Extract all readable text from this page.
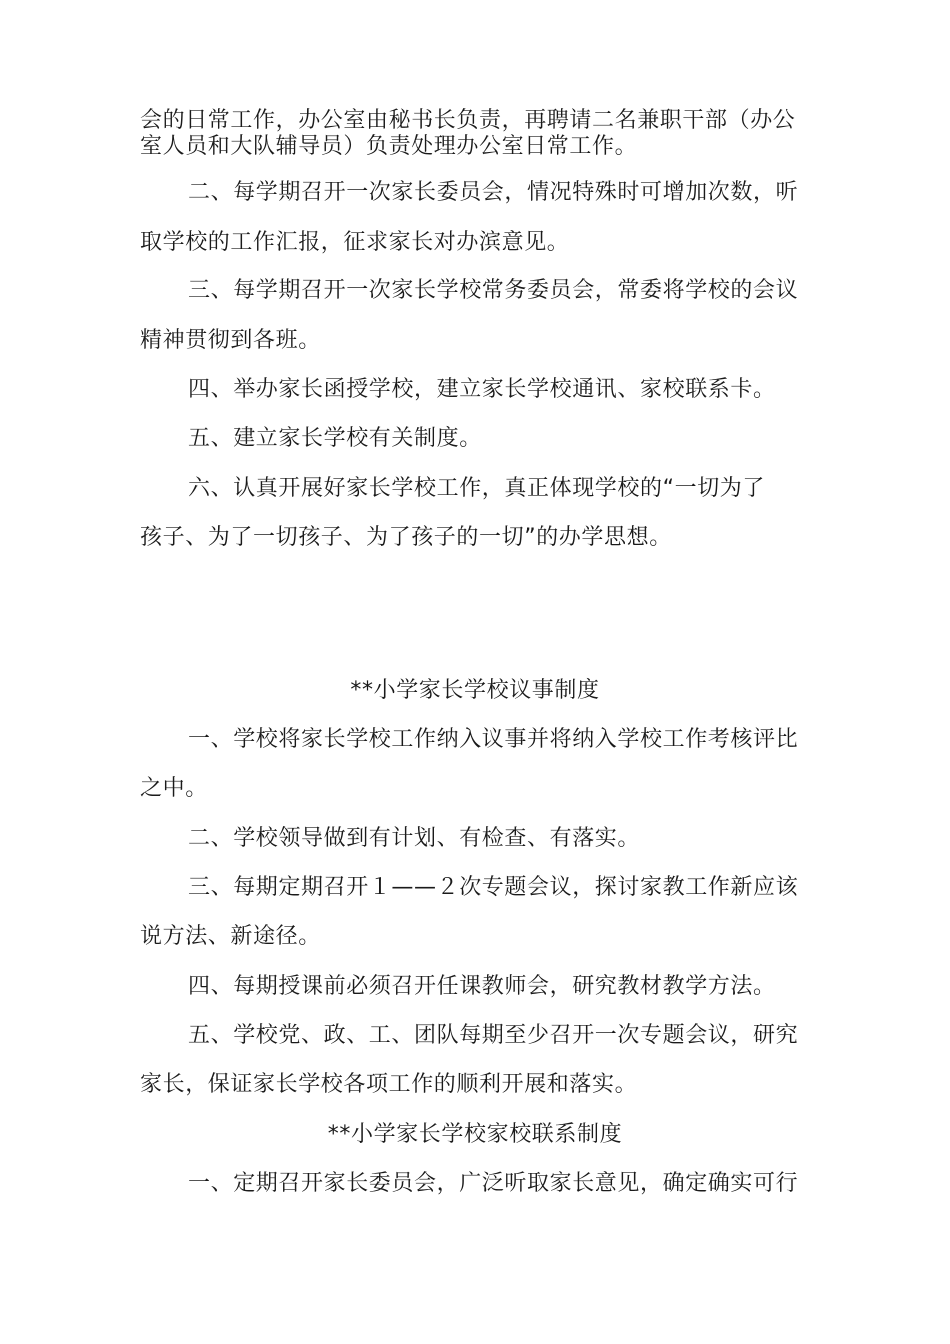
会的日常工作，办公室由秘书长负责，再聘请二名兼职干部（办公
室人员和大队辅导员）负责处理办公室日常工作。
二、每学期召开一次家长委员会，情况特殊时可增加次数，听
取学校的工作汇报，征求家长对办滨意见。
三、每学期召开一次家长学校常务委员会，常委将学校的会议
精神贯彻到各班。
四、举办家长函授学校，建立家长学校通讯、家校联系卡。
五、建立家长学校有关制度。
六、认真开展好家长学校工作，真正体现学校的“一切为了
孩子、为了一切孩子、为了孩子的一切”的办学思想。
**小学家长学校议事制度
一、学校将家长学校工作纳入议事并将纳入学校工作考核评比
之中。
二、学校领导做到有计划、有检查、有落实。
三、每期定期召开１——２次专题会议，探讨家教工作新应该
说方法、新途径。
四、每期授课前必须召开任课教师会，研究教材教学方法。
五、学校党、政、工、团队每期至少召开一次专题会议，研究
家长，保证家长学校各项工作的顺利开展和落实。
**小学家长学校家校联系制度
一、定期召开家长委员会，广泛听取家长意见，确定确实可行
